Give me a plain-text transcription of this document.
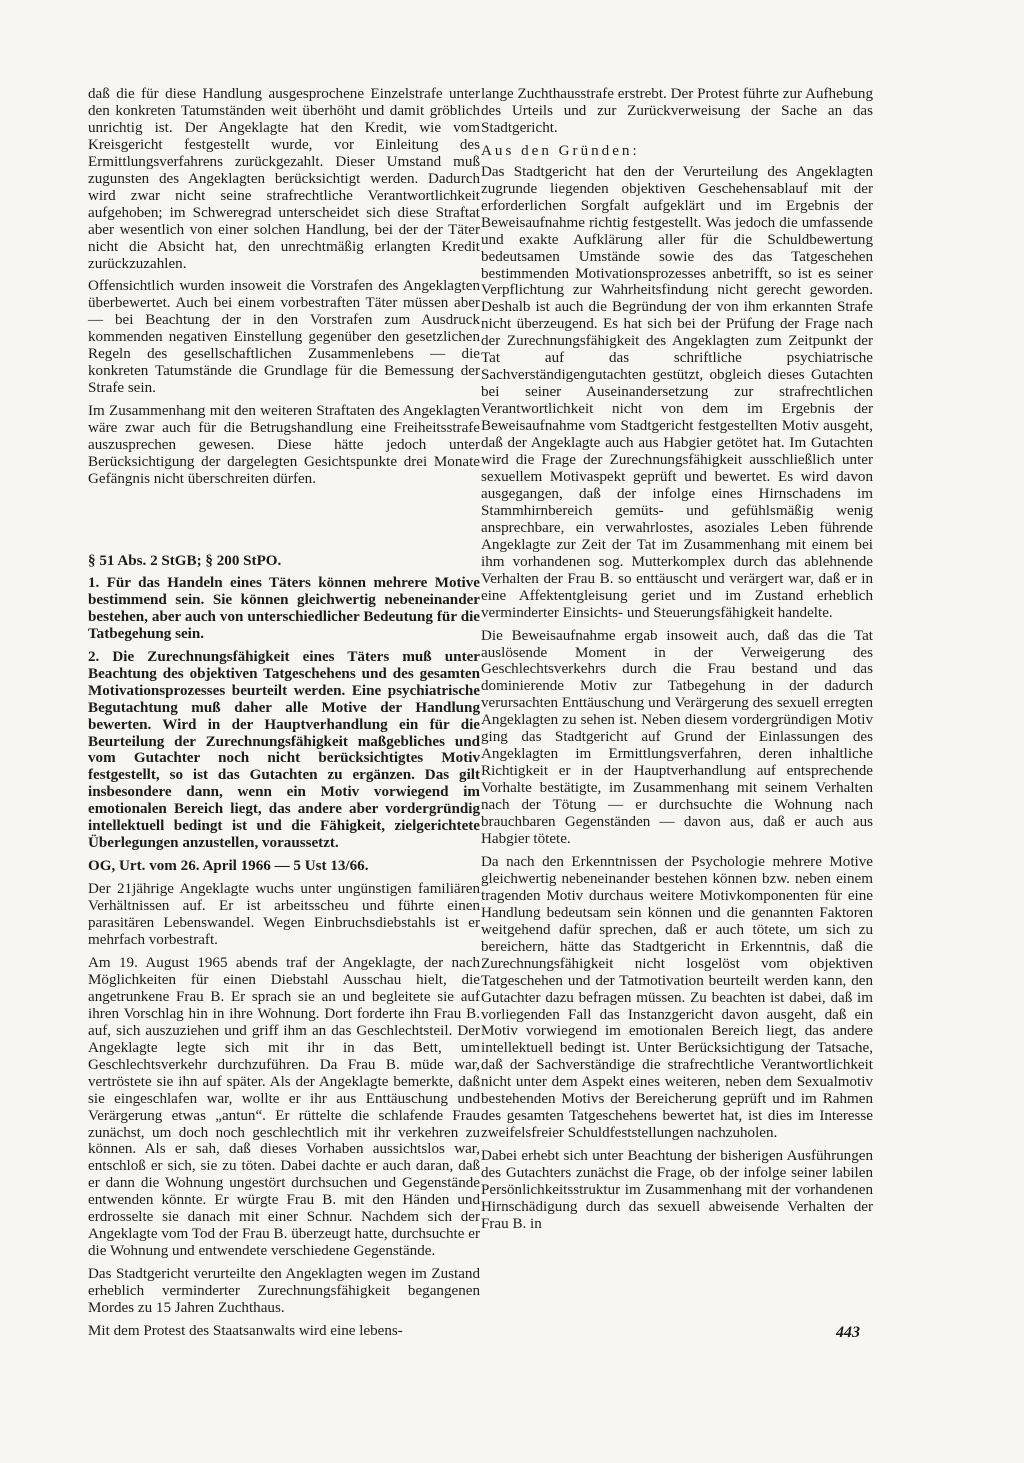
daß die für diese Handlung ausgesprochene Einzelstrafe unter den konkreten Tatumständen weit überhöht und damit gröblich unrichtig ist. Der Angeklagte hat den Kredit, wie vom Kreisgericht festgestellt wurde, vor Einleitung des Ermittlungsverfahrens zurückgezahlt. Dieser Umstand muß zugunsten des Angeklagten berücksichtigt werden. Dadurch wird zwar nicht seine strafrechtliche Verantwortlichkeit aufgehoben; im Schweregrad unterscheidet sich diese Straftat aber wesentlich von einer solchen Handlung, bei der der Täter nicht die Absicht hat, den unrechtmäßig erlangten Kredit zurückzuzahlen.

Offensichtlich wurden insoweit die Vorstrafen des Angeklagten überbewertet. Auch bei einem vorbestraften Täter müssen aber — bei Beachtung der in den Vorstrafen zum Ausdruck kommenden negativen Einstellung gegenüber den gesetzlichen Regeln des gesellschaftlichen Zusammenlebens — die konkreten Tatumstände die Grundlage für die Bemessung der Strafe sein.

Im Zusammenhang mit den weiteren Straftaten des Angeklagten wäre zwar auch für die Betrugshandlung eine Freiheitsstrafe auszusprechen gewesen. Diese hätte jedoch unter Berücksichtigung der dargelegten Gesichtspunkte drei Monate Gefängnis nicht überschreiten dürfen.

§ 51 Abs. 2 StGB; § 200 StPO.

1. Für das Handeln eines Täters können mehrere Motive bestimmend sein. Sie können gleichwertig nebeneinander bestehen, aber auch von unterschiedlicher Bedeutung für die Tatbegehung sein.

2. Die Zurechnungsfähigkeit eines Täters muß unter Beachtung des objektiven Tatgeschehens und des gesamten Motivationsprozesses beurteilt werden. Eine psychiatrische Begutachtung muß daher alle Motive der Handlung bewerten. Wird in der Hauptverhandlung ein für die Beurteilung der Zurechnungsfähigkeit maßgebliches und vom Gutachter noch nicht berücksichtigtes Motiv festgestellt, so ist das Gutachten zu ergänzen. Das gilt insbesondere dann, wenn ein Motiv vorwiegend im emotionalen Bereich liegt, das andere aber vordergründig intellektuell bedingt ist und die Fähigkeit, zielgerichtete Überlegungen anzustellen, voraussetzt.

OG, Urt. vom 26. April 1966 — 5 Ust 13/66.

Der 21jährige Angeklagte wuchs unter ungünstigen familiären Verhältnissen auf. Er ist arbeitsscheu und führte einen parasitären Lebenswandel. Wegen Einbruchsdiebstahls ist er mehrfach vorbestraft.

Am 19. August 1965 abends traf der Angeklagte, der nach Möglichkeiten für einen Diebstahl Ausschau hielt, die angetrunkene Frau B. Er sprach sie an und begleitete sie auf ihren Vorschlag hin in ihre Wohnung. Dort forderte ihn Frau B. auf, sich auszuziehen und griff ihm an das Geschlechtsteil. Der Angeklagte legte sich mit ihr in das Bett, um Geschlechtsverkehr durchzuführen. Da Frau B. müde war, vertröstete sie ihn auf später. Als der Angeklagte bemerkte, daß sie eingeschlafen war, wollte er ihr aus Enttäuschung und Verärgerung etwas „antun“. Er rüttelte die schlafende Frau zunächst, um doch noch geschlechtlich mit ihr verkehren zu können. Als er sah, daß dieses Vorhaben aussichtslos war, entschloß er sich, sie zu töten. Dabei dachte er auch daran, daß er dann die Wohnung ungestört durchsuchen und Gegenstände entwenden könnte. Er würgte Frau B. mit den Händen und erdrosselte sie danach mit einer Schnur. Nachdem sich der Angeklagte vom Tod der Frau B. überzeugt hatte, durchsuchte er die Wohnung und entwendete verschiedene Gegenstände.

Das Stadtgericht verurteilte den Angeklagten wegen im Zustand erheblich verminderter Zurechnungsfähigkeit begangenen Mordes zu 15 Jahren Zuchthaus.

Mit dem Protest des Staatsanwalts wird eine lebens-

lange Zuchthausstrafe erstrebt. Der Protest führte zur Aufhebung des Urteils und zur Zurückverweisung der Sache an das Stadtgericht.

Aus den Gründen:

Das Stadtgericht hat den der Verurteilung des Angeklagten zugrunde liegenden objektiven Geschehensablauf mit der erforderlichen Sorgfalt aufgeklärt und im Ergebnis der Beweisaufnahme richtig festgestellt. Was jedoch die umfassende und exakte Aufklärung aller für die Schuldbewertung bedeutsamen Umstände sowie des das Tatgeschehen bestimmenden Motivationsprozesses anbetrifft, so ist es seiner Verpflichtung zur Wahrheitsfindung nicht gerecht geworden. Deshalb ist auch die Begründung der von ihm erkannten Strafe nicht überzeugend. Es hat sich bei der Prüfung der Frage nach der Zurechnungsfähigkeit des Angeklagten zum Zeitpunkt der Tat auf das schriftliche psychiatrische Sachverständigengutachten gestützt, obgleich dieses Gutachten bei seiner Auseinandersetzung zur strafrechtlichen Verantwortlichkeit nicht von dem im Ergebnis der Beweisaufnahme vom Stadtgericht festgestellten Motiv ausgeht, daß der Angeklagte auch aus Habgier getötet hat. Im Gutachten wird die Frage der Zurechnungsfähigkeit ausschließlich unter sexuellem Motivaspekt geprüft und bewertet. Es wird davon ausgegangen, daß der infolge eines Hirnschadens im Stammhirnbereich gemüts- und gefühlsmäßig wenig ansprechbare, ein verwahrlostes, asoziales Leben führende Angeklagte zur Zeit der Tat im Zusammenhang mit einem bei ihm vorhandenen sog. Mutterkomplex durch das ablehnende Verhalten der Frau B. so enttäuscht und verärgert war, daß er in eine Affektentgleisung geriet und im Zustand erheblich verminderter Einsichts- und Steuerungsfähigkeit handelte.

Die Beweisaufnahme ergab insoweit auch, daß das die Tat auslösende Moment in der Verweigerung des Geschlechtsverkehrs durch die Frau bestand und das dominierende Motiv zur Tatbegehung in der dadurch verursachten Enttäuschung und Verärgerung des sexuell erregten Angeklagten zu sehen ist. Neben diesem vordergründigen Motiv ging das Stadtgericht auf Grund der Einlassungen des Angeklagten im Ermittlungsverfahren, deren inhaltliche Richtigkeit er in der Hauptverhandlung auf entsprechende Vorhalte bestätigte, im Zusammenhang mit seinem Verhalten nach der Tötung — er durchsuchte die Wohnung nach brauchbaren Gegenständen — davon aus, daß er auch aus Habgier tötete.

Da nach den Erkenntnissen der Psychologie mehrere Motive gleichwertig nebeneinander bestehen können bzw. neben einem tragenden Motiv durchaus weitere Motivkomponenten für eine Handlung bedeutsam sein können und die genannten Faktoren weitgehend dafür sprechen, daß er auch tötete, um sich zu bereichern, hätte das Stadtgericht in Erkenntnis, daß die Zurechnungsfähigkeit nicht losgelöst vom objektiven Tatgeschehen und der Tatmotivation beurteilt werden kann, den Gutachter dazu befragen müssen. Zu beachten ist dabei, daß im vorliegenden Fall das Instanzgericht davon ausgeht, daß ein Motiv vorwiegend im emotionalen Bereich liegt, das andere intellektuell bedingt ist. Unter Berücksichtigung der Tatsache, daß der Sachverständige die strafrechtliche Verantwortlichkeit nicht unter dem Aspekt eines weiteren, neben dem Sexualmotiv bestehenden Motivs der Bereicherung geprüft und im Rahmen des gesamten Tatgeschehens bewertet hat, ist dies im Interesse zweifelsfreier Schuldfeststellungen nachzuholen.

Dabei erhebt sich unter Beachtung der bisherigen Ausführungen des Gutachters zunächst die Frage, ob der infolge seiner labilen Persönlichkeitsstruktur im Zusammenhang mit der vorhandenen Hirnschädigung durch das sexuell abweisende Verhalten der Frau B. in

443
